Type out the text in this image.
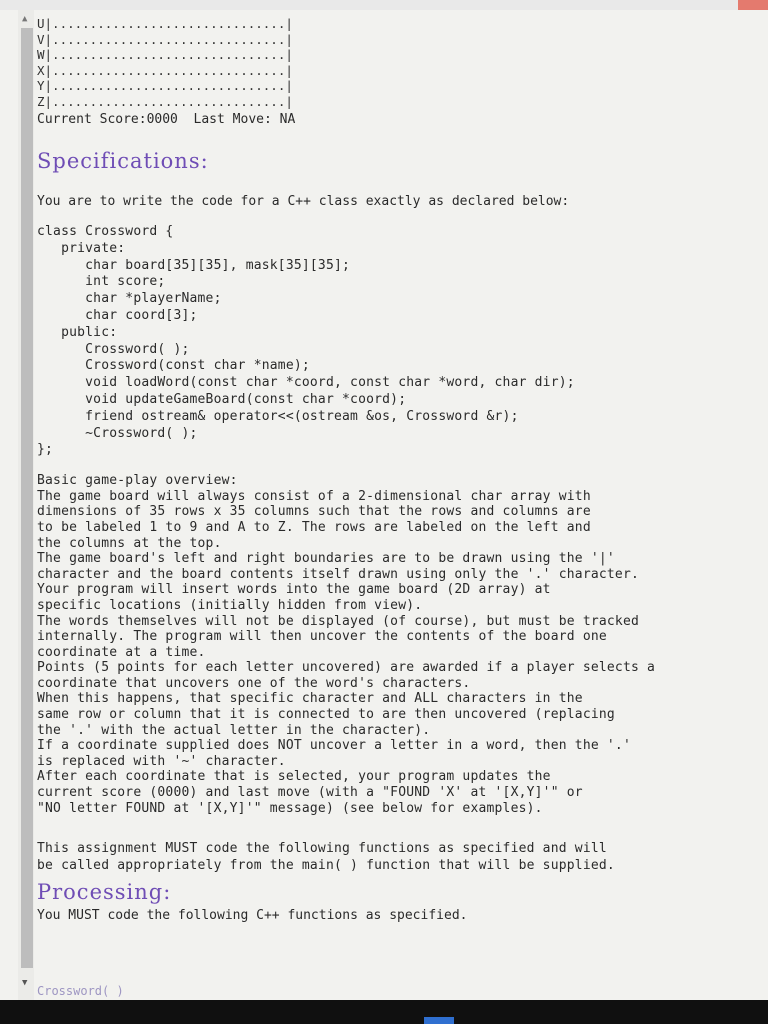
▲
▼
U|...............................|
V|...............................|
W|...............................|
X|...............................|
Y|...............................|
Z|...............................|
Current Score:0000  Last Move: NA
Specifications:
You are to write the code for a C++ class exactly as declared below:
class Crossword {
private:
char board[35][35], mask[35][35];
int score;
char *playerName;
char coord[3];
public:
Crossword( );
Crossword(const char *name);
void loadWord(const char *coord, const char *word, char dir);
void updateGameBoard(const char *coord);
friend ostream& operator<<(ostream &os, Crossword &r);
~Crossword( );
};
Basic game-play overview:
The game board will always consist of a 2-dimensional char array with
dimensions of 35 rows x 35 columns such that the rows and columns are
to be labeled 1 to 9 and A to Z. The rows are labeled on the left and
the columns at the top.
The game board's left and right boundaries are to be drawn using the '|'
character and the board contents itself drawn using only the '.' character.
Your program will insert words into the game board (2D array) at
specific locations (initially hidden from view).
The words themselves will not be displayed (of course), but must be tracked
internally. The program will then uncover the contents of the board one
coordinate at a time.
Points (5 points for each letter uncovered) are awarded if a player selects a
coordinate that uncovers one of the word's characters.
When this happens, that specific character and ALL characters in the
same row or column that it is connected to are then uncovered (replacing
the '.' with the actual letter in the character).
If a coordinate supplied does NOT uncover a letter in a word, then the '.'
is replaced with '~' character.
After each coordinate that is selected, your program updates the
current score (0000) and last move (with a "FOUND 'X' at '[X,Y]'" or
"NO letter FOUND at '[X,Y]'" message) (see below for examples).
This assignment MUST code the following functions as specified and will
be called appropriately from the main( ) function that will be supplied.
Processing:
You MUST code the following C++ functions as specified.
Crossword( )
